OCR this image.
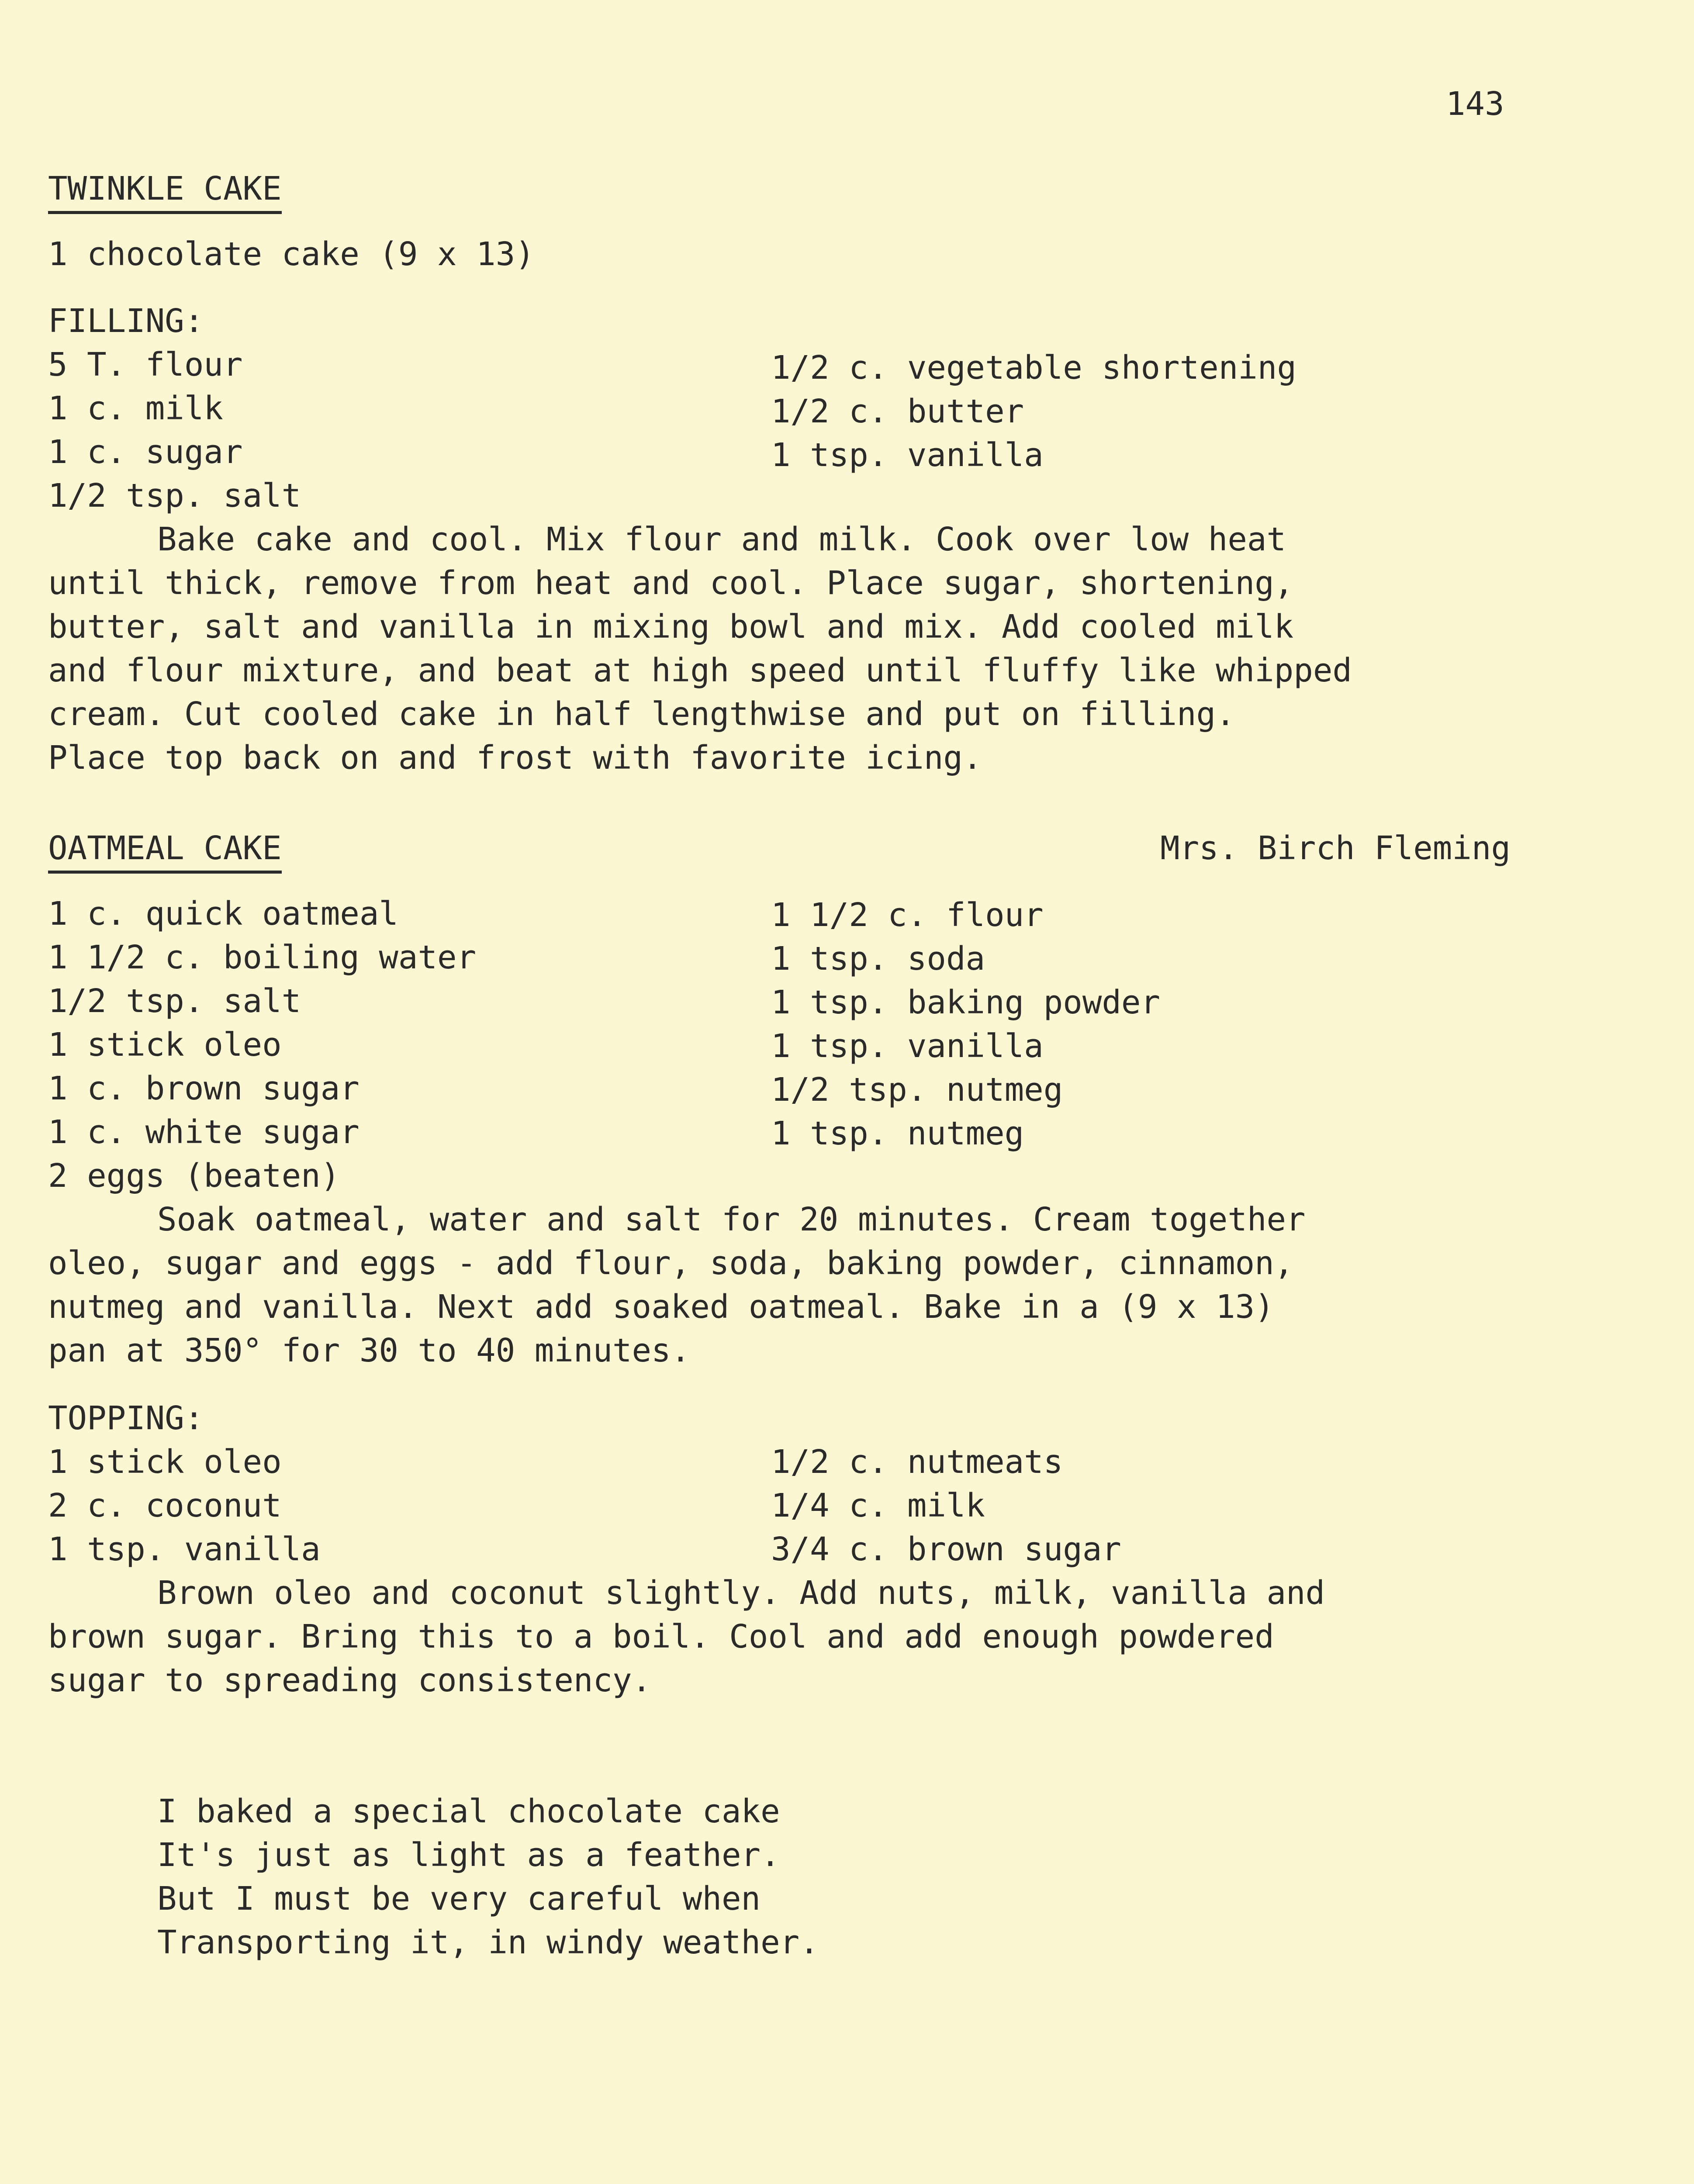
143
TWINKLE CAKE
1 chocolate cake (9 x 13)
FILLING:
5 T. flour
1 c. milk
1 c. sugar
1/2 tsp. salt
1/2 c. vegetable shortening
1/2 c. butter
1 tsp. vanilla
Bake cake and cool. Mix flour and milk. Cook over low heat
until thick, remove from heat and cool. Place sugar, shortening,
butter, salt and vanilla in mixing bowl and mix. Add cooled milk
and flour mixture, and beat at high speed until fluffy like whipped
cream. Cut cooled cake in half lengthwise and put on filling.
Place top back on and frost with favorite icing.
OATMEAL CAKE	Mrs. Birch Fleming
1 c. quick oatmeal
1 1/2 c. boiling water
1/2 tsp. salt
1 stick oleo
1 c. brown sugar
1 c. white sugar
2 eggs (beaten)
1 1/2 c. flour
1 tsp. soda
1 tsp. baking powder
1 tsp. vanilla
1/2 tsp. nutmeg
1 tsp. nutmeg
Soak oatmeal, water and salt for 20 minutes. Cream together
oleo, sugar and eggs - add flour, soda, baking powder, cinnamon,
nutmeg and vanilla. Next add soaked oatmeal. Bake in a (9 x 13)
pan at 350° for 30 to 40 minutes.
TOPPING:
1 stick oleo
2 c. coconut
1 tsp. vanilla
1/2 c. nutmeats
1/4 c. milk
3/4 c. brown sugar
Brown oleo and coconut slightly. Add nuts, milk, vanilla and
brown sugar. Bring this to a boil. Cool and add enough powdered
sugar to spreading consistency.
I baked a special chocolate cake
It's just as light as a feather.
But I must be very careful when
Transporting it, in windy weather.
